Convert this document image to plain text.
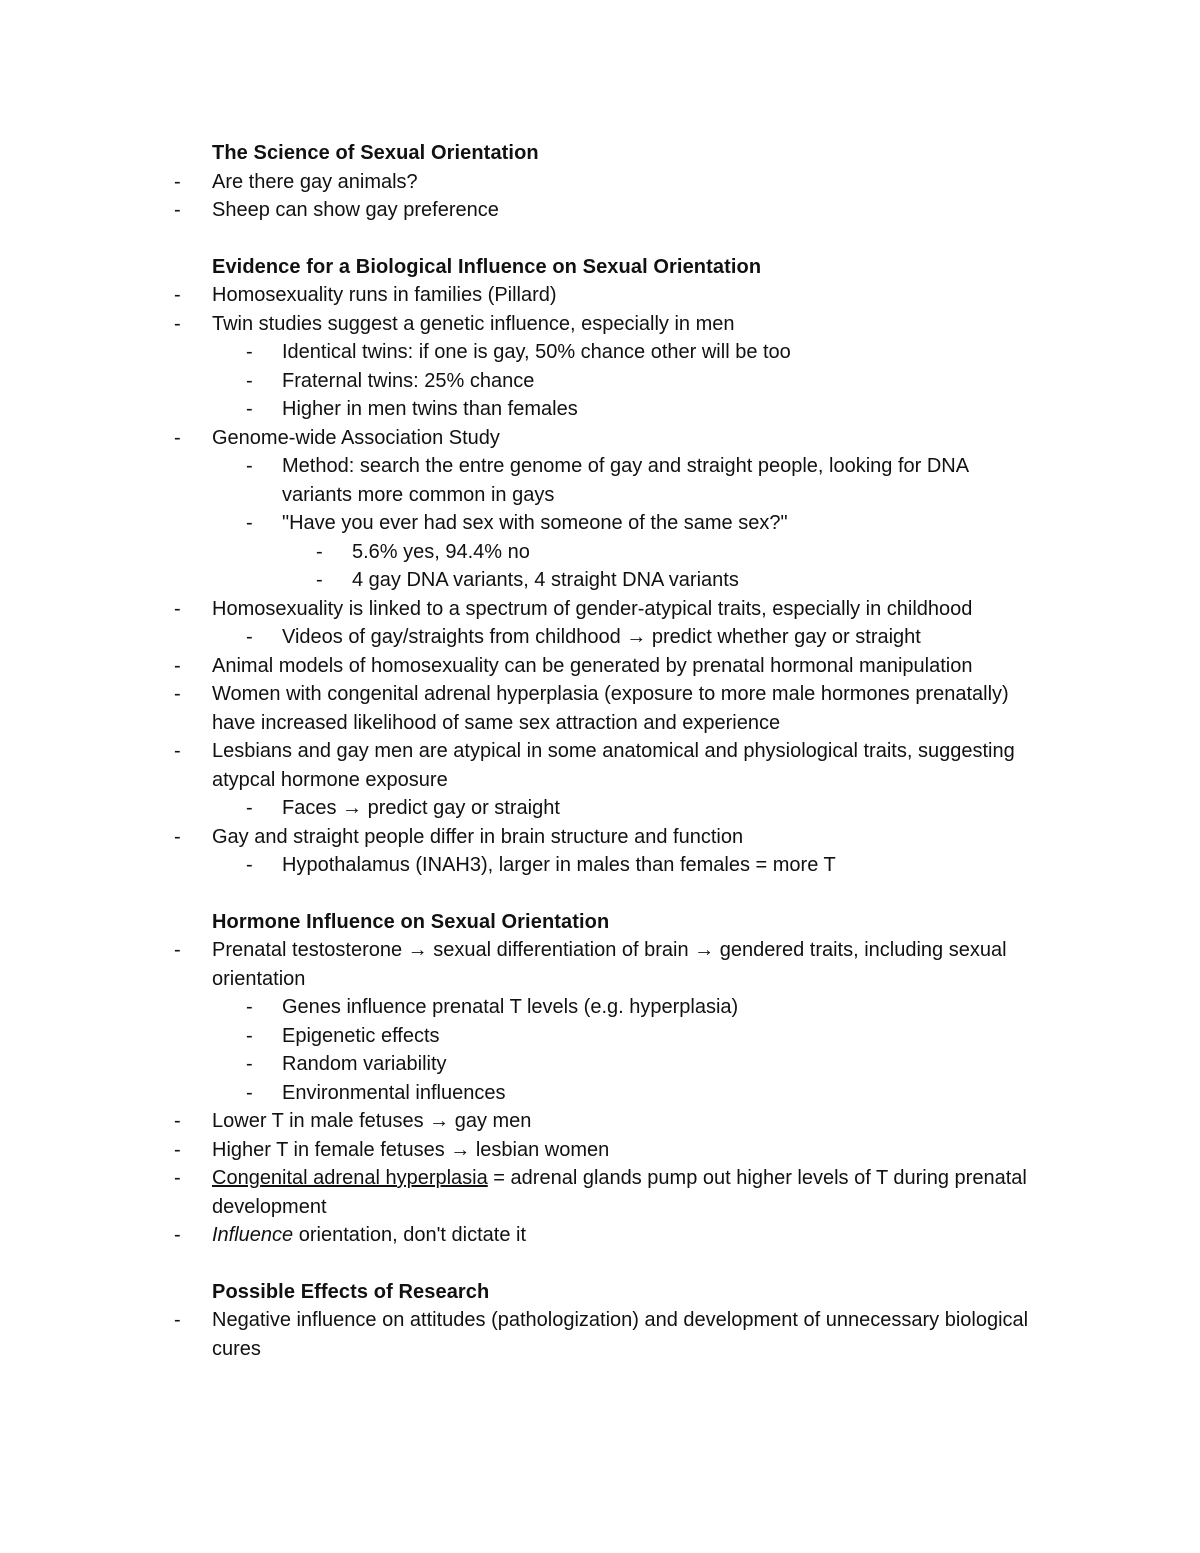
The Science of Sexual Orientation
- Are there gay animals?
- Sheep can show gay preference
Evidence for a Biological Influence on Sexual Orientation
- Homosexuality runs in families (Pillard)
- Twin studies suggest a genetic influence, especially in men
- Identical twins: if one is gay, 50% chance other will be too
- Fraternal twins: 25% chance
- Higher in men twins than females
- Genome-wide Association Study
- Method: search the entre genome of gay and straight people, looking for DNA variants more common in gays
- "Have you ever had sex with someone of the same sex?"
- 5.6% yes, 94.4% no
- 4 gay DNA variants, 4 straight DNA variants
- Homosexuality is linked to a spectrum of gender-atypical traits, especially in childhood
- Videos of gay/straights from childhood → predict whether gay or straight
- Animal models of homosexuality can be generated by prenatal hormonal manipulation
- Women with congenital adrenal hyperplasia (exposure to more male hormones prenatally) have increased likelihood of same sex attraction and experience
- Lesbians and gay men are atypical in some anatomical and physiological traits, suggesting atypcal hormone exposure
- Faces → predict gay or straight
- Gay and straight people differ in brain structure and function
- Hypothalamus (INAH3), larger in males than females = more T
Hormone Influence on Sexual Orientation
- Prenatal testosterone → sexual differentiation of brain → gendered traits, including sexual orientation
- Genes influence prenatal T levels (e.g. hyperplasia)
- Epigenetic effects
- Random variability
- Environmental influences
- Lower T in male fetuses → gay men
- Higher T in female fetuses → lesbian women
- Congenital adrenal hyperplasia = adrenal glands pump out higher levels of T during prenatal development
- Influence orientation, don't dictate it
Possible Effects of Research
- Negative influence on attitudes (pathologization) and development of unnecessary biological cures
